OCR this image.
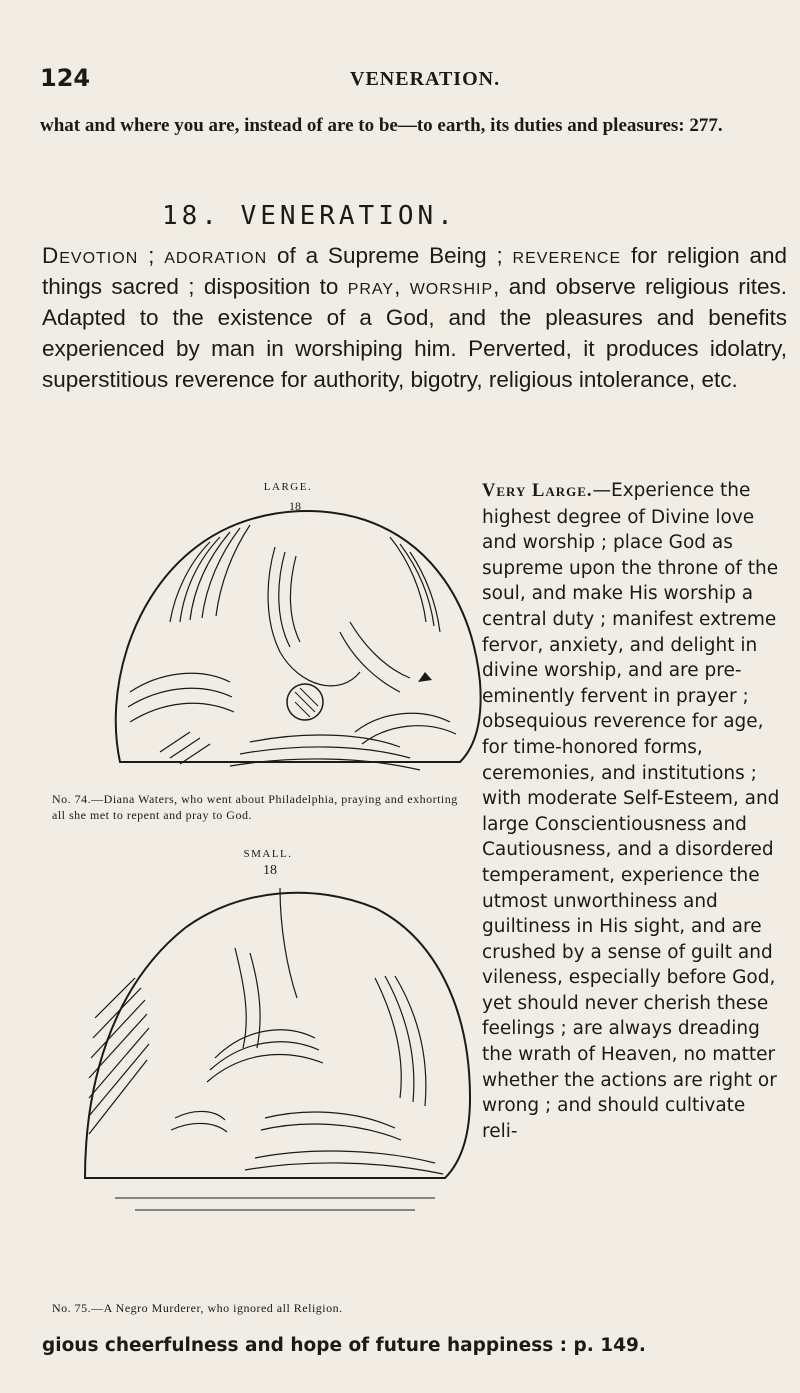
124	VENERATION.
what and where you are, instead of are to be—to earth, its duties and pleasures: 277.
18. VENERATION.
Devotion ; adoration of a Supreme Being ; reverence for religion and things sacred ; disposition to pray, worship, and observe religious rites. Adapted to the existence of a God, and the pleasures and benefits experienced by man in worshiping him. Perverted, it produces idolatry, superstitious reverence for authority, bigotry, religious intolerance, etc.
LARGE.
18
No. 74.—Diana Waters, who went about Philadelphia, praying and exhorting all she met to repent and pray to God.
SMALL.
18
No. 75.—A Negro Murderer, who ignored all Religion.
Very Large.—Experience the highest degree of Divine love and worship ; place God as supreme upon the throne of the soul, and make His worship a central duty ; manifest extreme fervor, anxiety, and delight in divine worship, and are pre-eminently fervent in prayer ; obsequious reverence for age, for time-honored forms, ceremonies, and institutions ; with moderate Self-Esteem, and large Conscientiousness and Cautiousness, and a disordered temperament, experience the utmost unworthiness and guiltiness in His sight, and are crushed by a sense of guilt and vileness, especially before God, yet should never cherish these feelings ; are always dreading the wrath of Heaven, no matter whether the actions are right or wrong ; and should cultivate reli-
gious cheerfulness and hope of future happiness : p. 149.
